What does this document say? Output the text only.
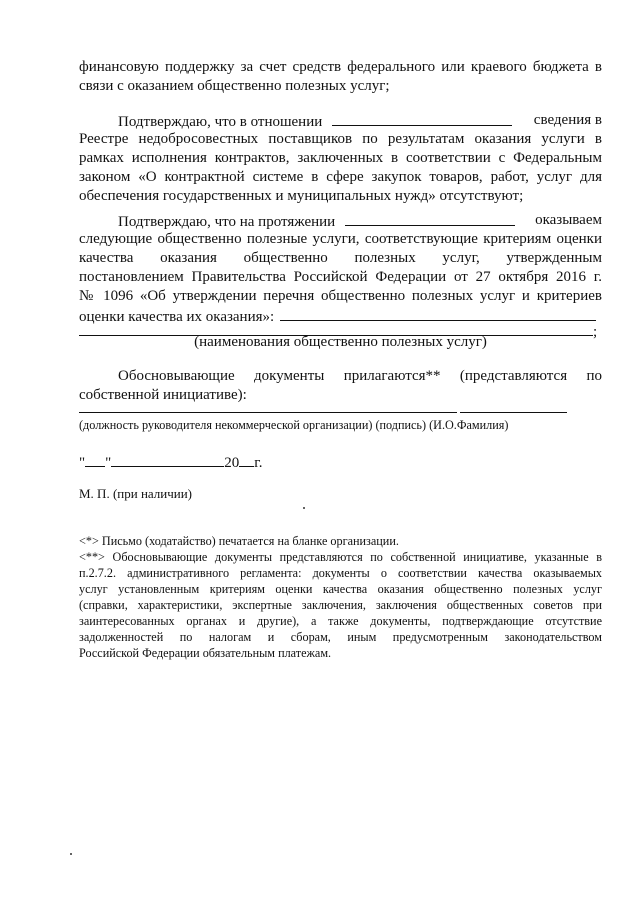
финансовую поддержку за счет средств федерального или краевого бюджета в
связи с оказанием общественно полезных услуг;
Подтверждаю, что в отношении	сведения в
Реестре недобросовестных поставщиков по результатам оказания услуги в
рамках исполнения контрактов, заключенных в соответствии с Федеральным
законом «О контрактной системе в сфере закупок товаров, работ, услуг для
обеспечения государственных и муниципальных нужд» отсутствуют;
Подтверждаю, что на протяжении	оказываем
следующие общественно полезные услуги, соответствующие критериям оценки
качества оказания общественно полезных услуг, утвержденным
постановлением Правительства Российской Федерации от 27 октября 2016 г.
№ 1096 «Об утверждении перечня общественно полезных услуг и критериев
оценки качества их оказания»:
;
(наименования общественно полезных услуг)
Обосновывающие документы прилагаются** (представляются по
собственной инициативе):
(должность руководителя некоммерческой организации) (подпись) (И.О.Фамилия)
" "	20 г.
М. П. (при наличии)
<*> Письмо (ходатайство) печатается на бланке организации.
<**> Обосновывающие документы представляются по собственной инициативе, указанные в
п.2.7.2. административного регламента: документы о соответствии качества оказываемых
услуг установленным критериям оценки качества оказания общественно полезных услуг
(справки, характеристики, экспертные заключения, заключения общественных советов при
заинтересованных органах и другие), а также документы, подтверждающие отсутствие
задолженностей по налогам и сборам, иным предусмотренным законодательством
Российской Федерации обязательным платежам.
